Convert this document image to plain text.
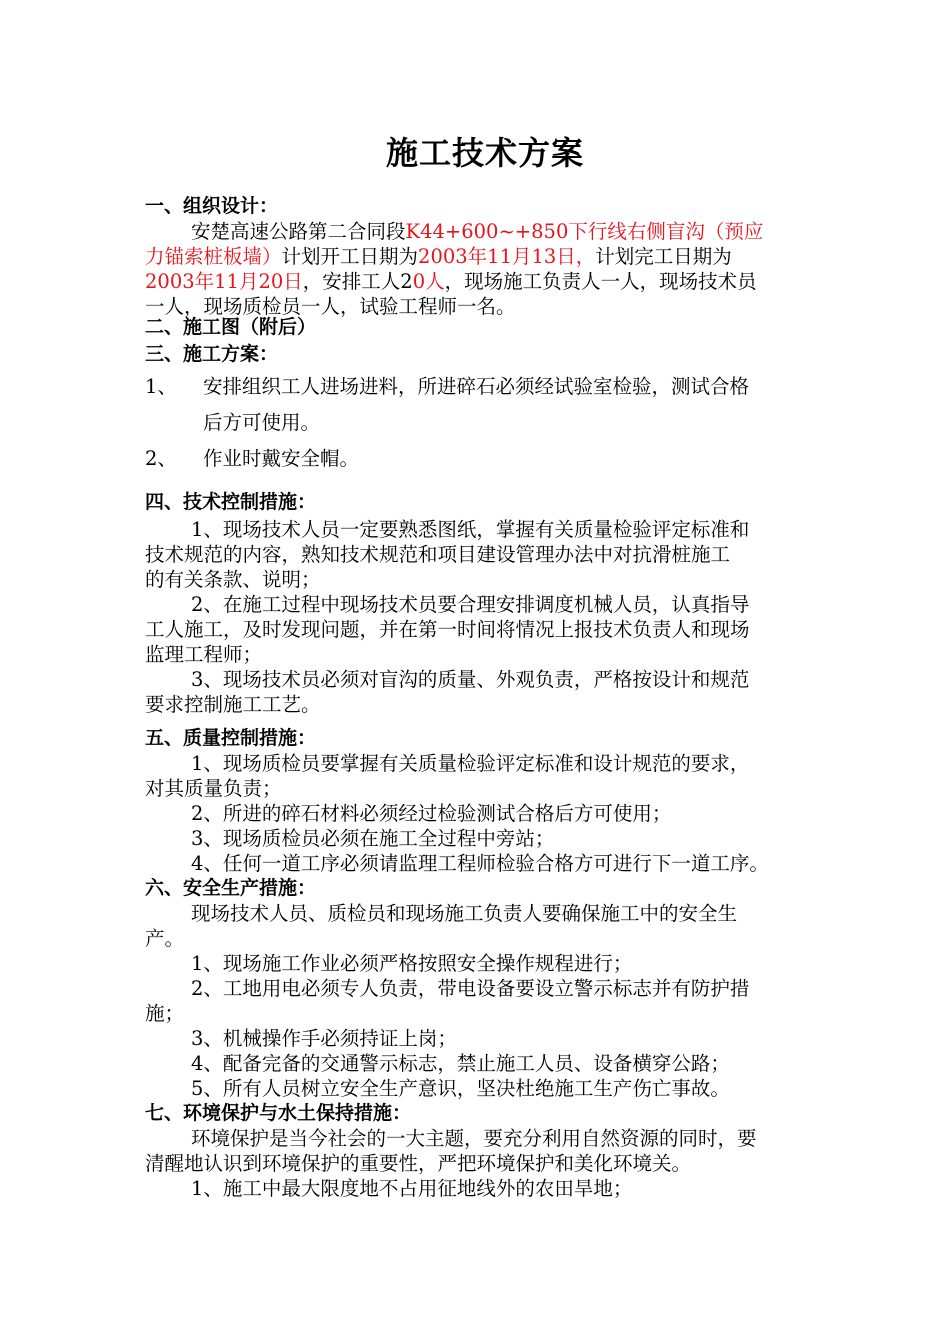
施工技术方案
一、组织设计：
安楚高速公路第二合同段K44+600~+850下行线右侧盲沟（预应
力锚索桩板墙）计划开工日期为2003年11月13日，计划完工日期为
2003年11月20日，安排工人20人，现场施工负责人一人，现场技术员
一人，现场质检员一人，试验工程师一名。
二、施工图（附后）
三、施工方案：
1、 安排组织工人进场进料，所进碎石必须经试验室检验，测试合格
后方可使用。
2、 作业时戴安全帽。
四、技术控制措施：
1、现场技术人员一定要熟悉图纸，掌握有关质量检验评定标准和
技术规范的内容，熟知技术规范和项目建设管理办法中对抗滑桩施工
的有关条款、说明；
2、在施工过程中现场技术员要合理安排调度机械人员，认真指导
工人施工，及时发现问题，并在第一时间将情况上报技术负责人和现场
监理工程师；
3、现场技术员必须对盲沟的质量、外观负责，严格按设计和规范
要求控制施工工艺。
五、质量控制措施：
1、现场质检员要掌握有关质量检验评定标准和设计规范的要求，
对其质量负责；
2、所进的碎石材料必须经过检验测试合格后方可使用；
3、现场质检员必须在施工全过程中旁站；
4、任何一道工序必须请监理工程师检验合格方可进行下一道工序。
六、安全生产措施：
现场技术人员、质检员和现场施工负责人要确保施工中的安全生
产。
1、现场施工作业必须严格按照安全操作规程进行；
2、工地用电必须专人负责，带电设备要设立警示标志并有防护措
施；
3、机械操作手必须持证上岗；
4、配备完备的交通警示标志，禁止施工人员、设备横穿公路；
5、所有人员树立安全生产意识，坚决杜绝施工生产伤亡事故。
七、环境保护与水土保持措施：
环境保护是当今社会的一大主题，要充分利用自然资源的同时，要
清醒地认识到环境保护的重要性，严把环境保护和美化环境关。
1、施工中最大限度地不占用征地线外的农田旱地；
